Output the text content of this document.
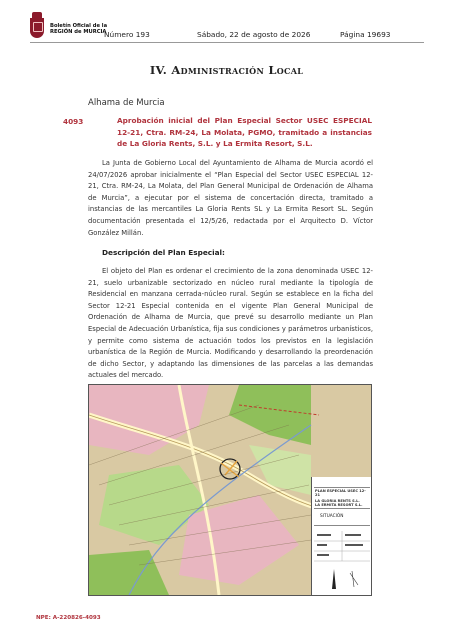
Boletín Oficial de la
REGIÓN de MURCIA
Número 193	Sábado, 22 de agosto de 2026	Página 19693
IV. Administración Local
Alhama de Murcia
4093	Aprobación inicial del Plan Especial Sector USEC ESPECIAL 12-21, Ctra. RM-24, La Molata, PGMO, tramitado a instancias de La Gloria Rents, S.L. y La Ermita Resort, S.L.
La Junta de Gobierno Local del Ayuntamiento de Alhama de Murcia acordó el 24/07/2026 aprobar inicialmente el “Plan Especial del Sector USEC ESPECIAL 12-21, Ctra. RM-24, La Molata, del Plan General Municipal de Ordenación de Alhama de Murcia”, a ejecutar por el sistema de concertación directa, tramitado a instancias de las mercantiles La Gloria Rents SL y La Ermita Resort SL. Según documentación presentada el 12/5/26, redactada por el Arquitecto D. Víctor González Millán.
Descripción del Plan Especial:
El objeto del Plan es ordenar el crecimiento de la zona denominada USEC 12-21, suelo urbanizable sectorizado en núcleo rural mediante la tipología de Residencial en manzana cerrada-núcleo rural. Según se establece en la ficha del Sector 12-21 Especial contenida en el vigente Plan General Municipal de Ordenación de Alhama de Murcia, que prevé su desarrollo mediante un Plan Especial de Adecuación Urbanística, fija sus condiciones y parámetros urbanísticos, y permite como sistema de actuación todos los previstos en la legislación urbanística de la Región de Murcia. Modificando y desarrollando la preordenación de dicho Sector, y adaptando las dimensiones de las parcelas a las demandas actuales del mercado.
PLAN ESPECIAL USEC 12-21
LA GLORIA RENTS S.L.
LA ERMITA RESORT S.L.
SITUACIÓN
NPE: A-220826-4093
